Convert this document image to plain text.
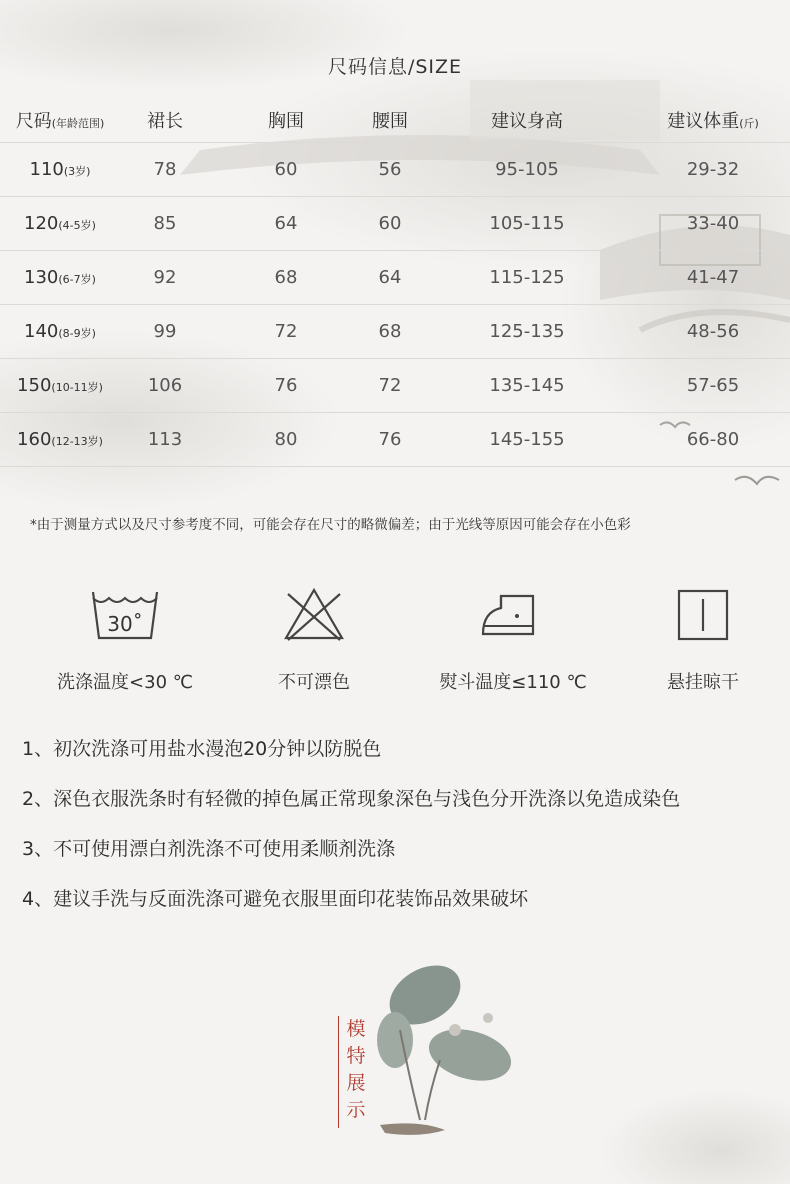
尺码信息/SIZE
尺码(年龄范围)	裙长	胸围	腰围	建议身高	建议体重(斤)
110(3岁)	78	60	56	95-105	29-32
120(4-5岁)	85	64	60	105-115	33-40
130(6-7岁)	92	68	64	115-125	41-47
140(8-9岁)	99	72	68	125-135	48-56
150(10-11岁)	106	76	72	135-145	57-65
160(12-13岁)	113	80	76	145-155	66-80
*由于测量方式以及尺寸参考度不同，可能会存在尺寸的略微偏差；由于光线等原因可能会存在小色彩
30˚
洗涤温度<30 ℃	不可漂色	熨斗温度≤110 ℃	悬挂晾干
1、初次洗涤可用盐水漫泡20分钟以防脱色
2、深色衣服洗条时有轻微的掉色属正常现象深色与浅色分开洗涤以免造成染色
3、不可使用漂白剂洗涤不可使用柔顺剂洗涤
4、建议手洗与反面洗涤可避免衣服里面印花装饰品效果破坏
模
特
展
示
